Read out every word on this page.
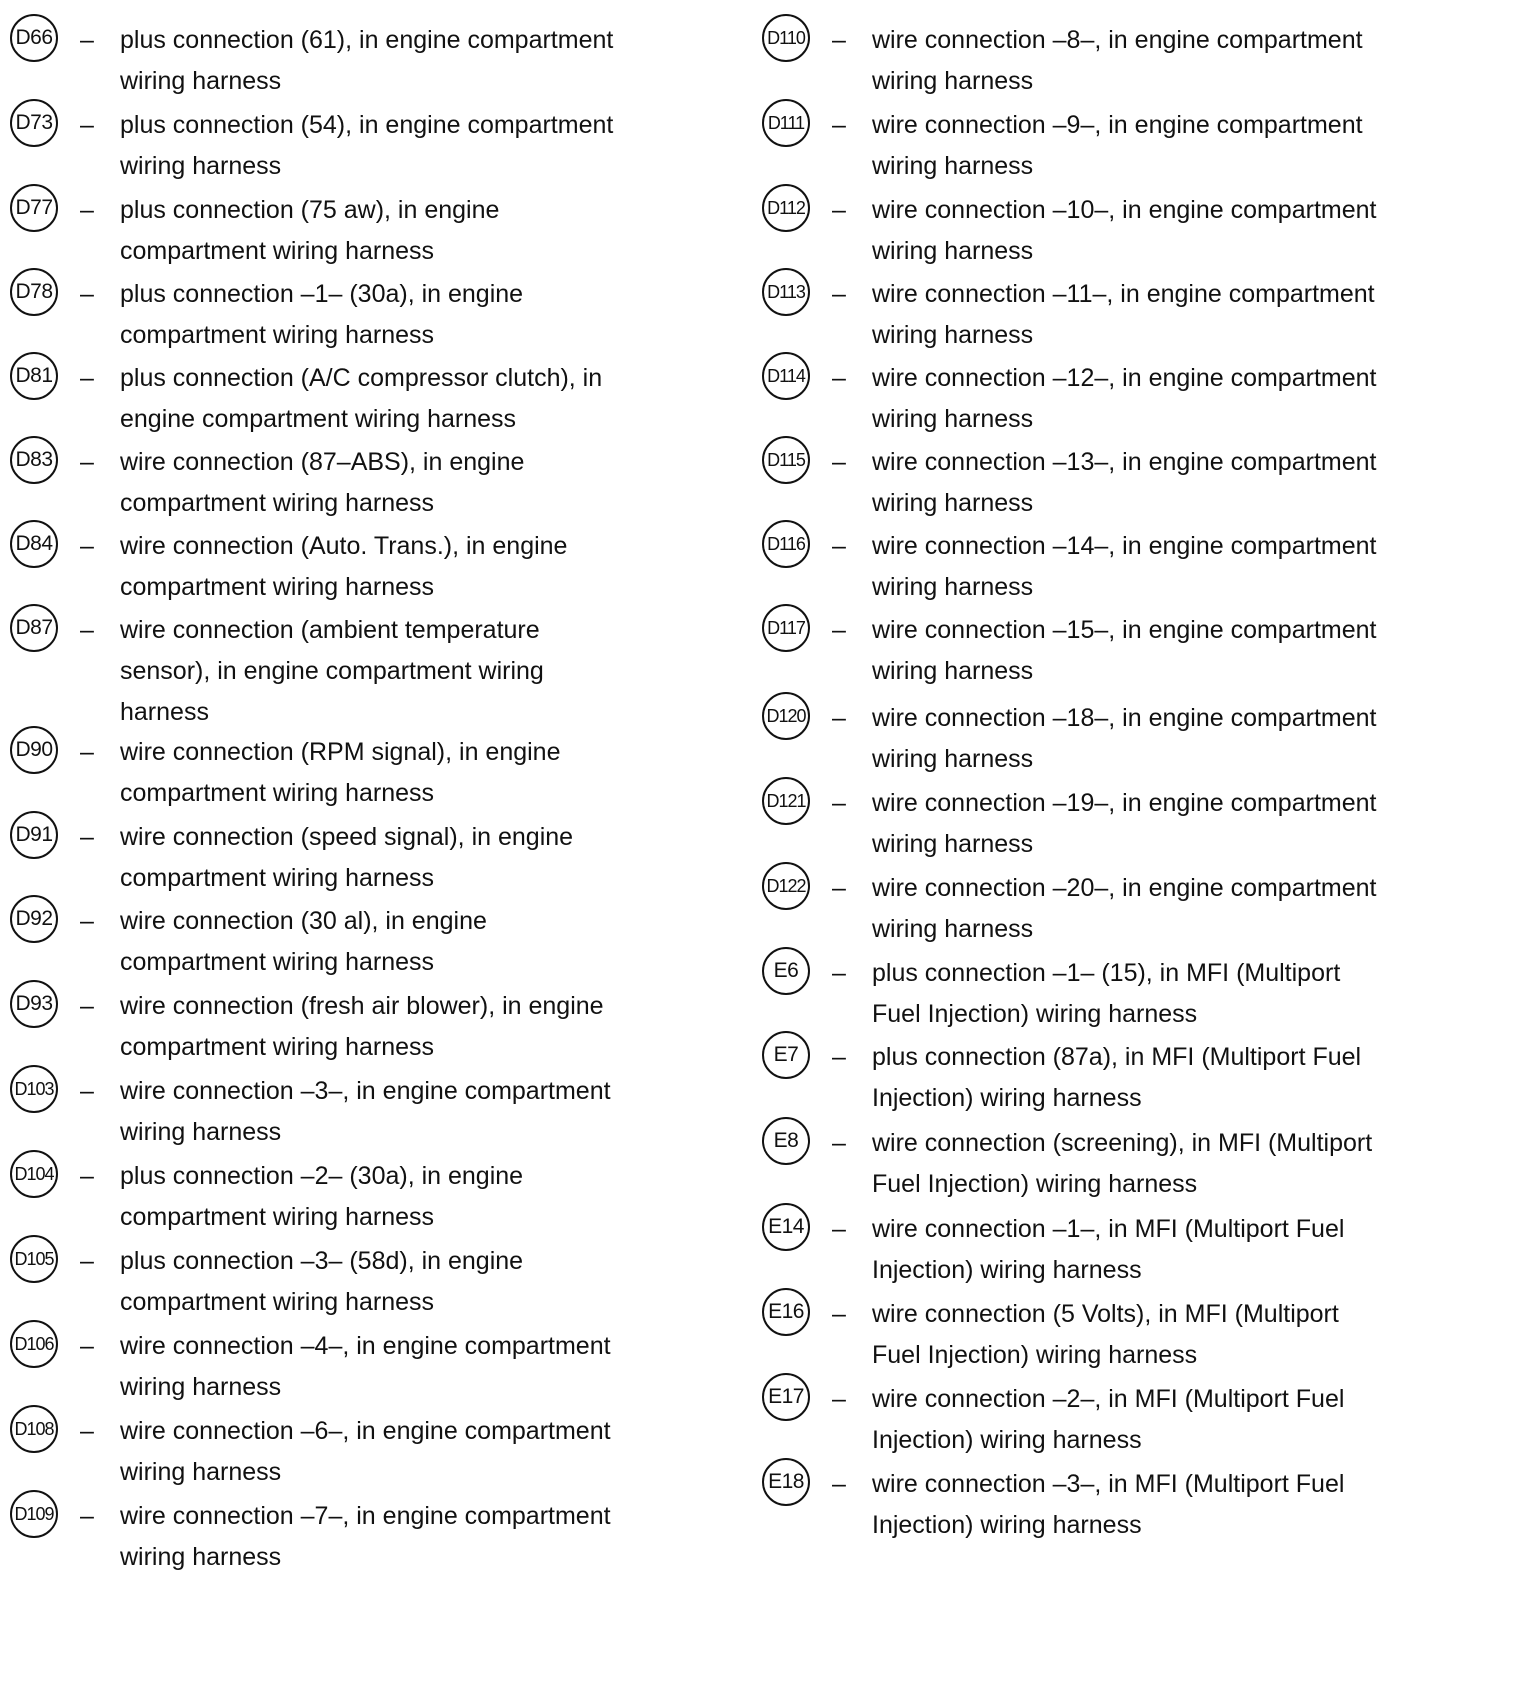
D66 – plus connection (61), in engine compartment
wiring harness
D73 – plus connection (54), in engine compartment
wiring harness
D77 – plus connection (75 aw), in engine
compartment wiring harness
D78 – plus connection –1– (30a), in engine
compartment wiring harness
D81 – plus connection (A/C compressor clutch), in
engine compartment wiring harness
D83 – wire connection (87–ABS), in engine
compartment wiring harness
D84 – wire connection (Auto. Trans.), in engine
compartment wiring harness
D87 – wire connection (ambient temperature
sensor), in engine compartment wiring
harness
D90 – wire connection (RPM signal), in engine
compartment wiring harness
D91 – wire connection (speed signal), in engine
compartment wiring harness
D92 – wire connection (30 al), in engine
compartment wiring harness
D93 – wire connection (fresh air blower), in engine
compartment wiring harness
D103 – wire connection –3–, in engine compartment
wiring harness
D104 – plus connection –2– (30a), in engine
compartment wiring harness
D105 – plus connection –3– (58d), in engine
compartment wiring harness
D106 – wire connection –4–, in engine compartment
wiring harness
D108 – wire connection –6–, in engine compartment
wiring harness
D109 – wire connection –7–, in engine compartment
wiring harness
D110 – wire connection –8–, in engine compartment
wiring harness
D111 – wire connection –9–, in engine compartment
wiring harness
D112 – wire connection –10–, in engine compartment
wiring harness
D113 – wire connection –11–, in engine compartment
wiring harness
D114 – wire connection –12–, in engine compartment
wiring harness
D115 – wire connection –13–, in engine compartment
wiring harness
D116 – wire connection –14–, in engine compartment
wiring harness
D117 – wire connection –15–, in engine compartment
wiring harness
D120 – wire connection –18–, in engine compartment
wiring harness
D121 – wire connection –19–, in engine compartment
wiring harness
D122 – wire connection –20–, in engine compartment
wiring harness
E6	– plus connection –1– (15), in MFI (Multiport
Fuel Injection) wiring harness
E7	– plus connection (87a), in MFI (Multiport Fuel
Injection) wiring harness
E8	– wire connection (screening), in MFI (Multiport
Fuel Injection) wiring harness
E14 – wire connection –1–, in MFI (Multiport Fuel
Injection) wiring harness
E16 – wire connection (5 Volts), in MFI (Multiport
Fuel Injection) wiring harness
E17 – wire connection –2–, in MFI (Multiport Fuel
Injection) wiring harness
E18 – wire connection –3–, in MFI (Multiport Fuel
Injection) wiring harness
